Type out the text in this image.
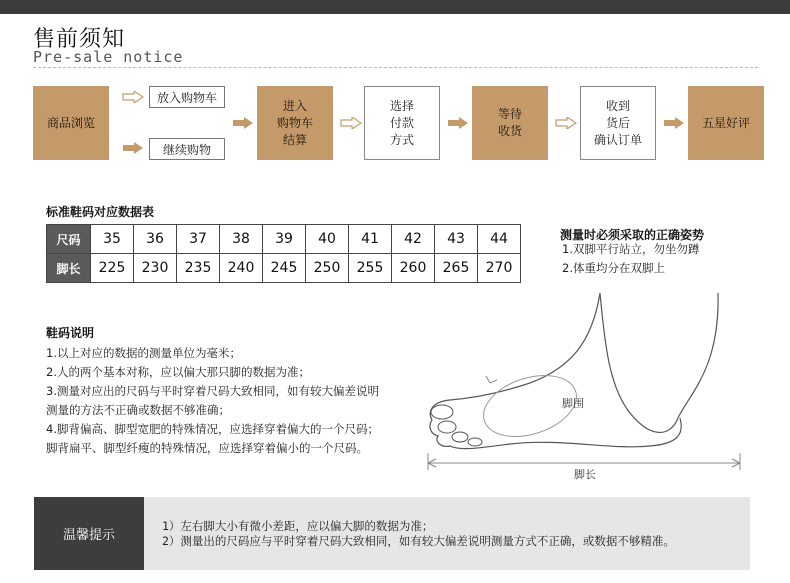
售前须知
Pre-sale notice
商品浏览
放入购物车
继续购物
进入
购物车
结算
选择
付款
方式
等待
收货
收到
货后
确认订单
五星好评
标准鞋码对应数据表
尺码	35	36	37	38	39	40	41	42	43	44
脚长	225	230	235	240	245	250	255	260	265	270
测量时必须采取的正确姿势
1.双脚平行站立，勿坐勿蹲
2.体重均分在双脚上
鞋码说明
1.以上对应的数据的测量单位为毫米；
2.人的两个基本对称，应以偏大那只脚的数据为准；
3.测量对应出的尺码与平时穿着尺码大致相同，如有较大偏差说明
测量的方法不正确或数据不够准确；
4.脚背偏高、脚型宽肥的特殊情况，应选择穿着偏大的一个尺码；
脚背扁平、脚型纤瘦的特殊情况，应选择穿着偏小的一个尺码。
脚围
脚长
温馨提示
1）左右脚大小有微小差距，应以偏大脚的数据为准；
2）测量出的尺码应与平时穿着尺码大致相同，如有较大偏差说明测量方式不正确，或数据不够精准。
